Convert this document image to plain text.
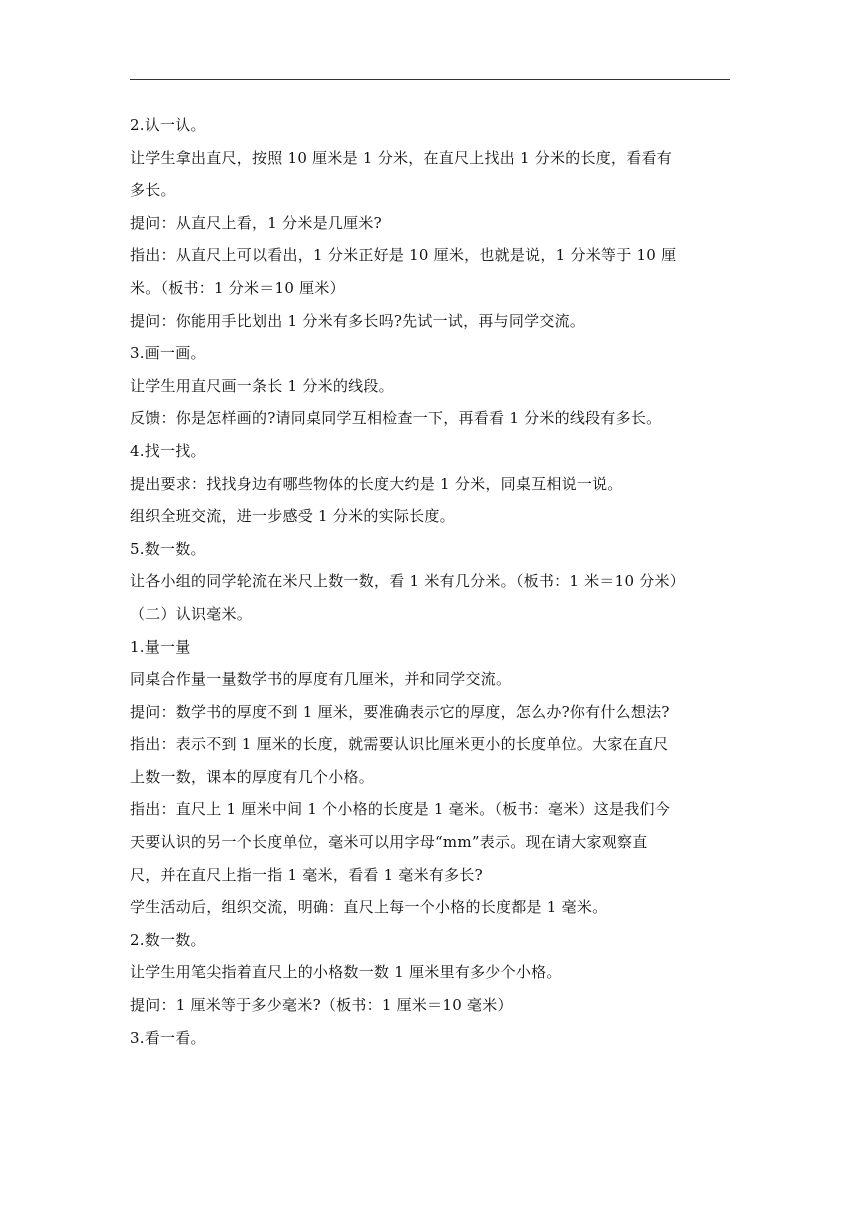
2.认一认。
让学生拿出直尺，按照 10 厘米是 1 分米，在直尺上找出 1 分米的长度，看看有
多长。
提问：从直尺上看，1 分米是几厘米?
指出：从直尺上可以看出，1 分米正好是 10 厘米，也就是说，1 分米等于 10 厘
米。（板书：1 分米＝10 厘米）
提问：你能用手比划出 1 分米有多长吗?先试一试，再与同学交流。
3.画一画。
让学生用直尺画一条长 1 分米的线段。
反馈：你是怎样画的?请同桌同学互相检查一下，再看看 1 分米的线段有多长。
4.找一找。
提出要求：找找身边有哪些物体的长度大约是 1 分米，同桌互相说一说。
组织全班交流，进一步感受 1 分米的实际长度。
5.数一数。
让各小组的同学轮流在米尺上数一数，看 1 米有几分米。（板书：1 米＝10 分米）
（二）认识毫米。
1.量一量
同桌合作量一量数学书的厚度有几厘米，并和同学交流。
提问：数学书的厚度不到 1 厘米，要准确表示它的厚度，怎么办?你有什么想法?
指出：表示不到 1 厘米的长度，就需要认识比厘米更小的长度单位。大家在直尺
上数一数，课本的厚度有几个小格。
指出：直尺上 1 厘米中间 1 个小格的长度是 1 毫米。（板书：毫米）这是我们今
天要认识的另一个长度单位，毫米可以用字母“mm”表示。现在请大家观察直
尺，并在直尺上指一指 1 毫米，看看 1 毫米有多长?
学生活动后，组织交流，明确：直尺上每一个小格的长度都是 1 毫米。
2.数一数。
让学生用笔尖指着直尺上的小格数一数 1 厘米里有多少个小格。
提问：1 厘米等于多少毫米?（板书：1 厘米＝10 毫米）
3.看一看。
